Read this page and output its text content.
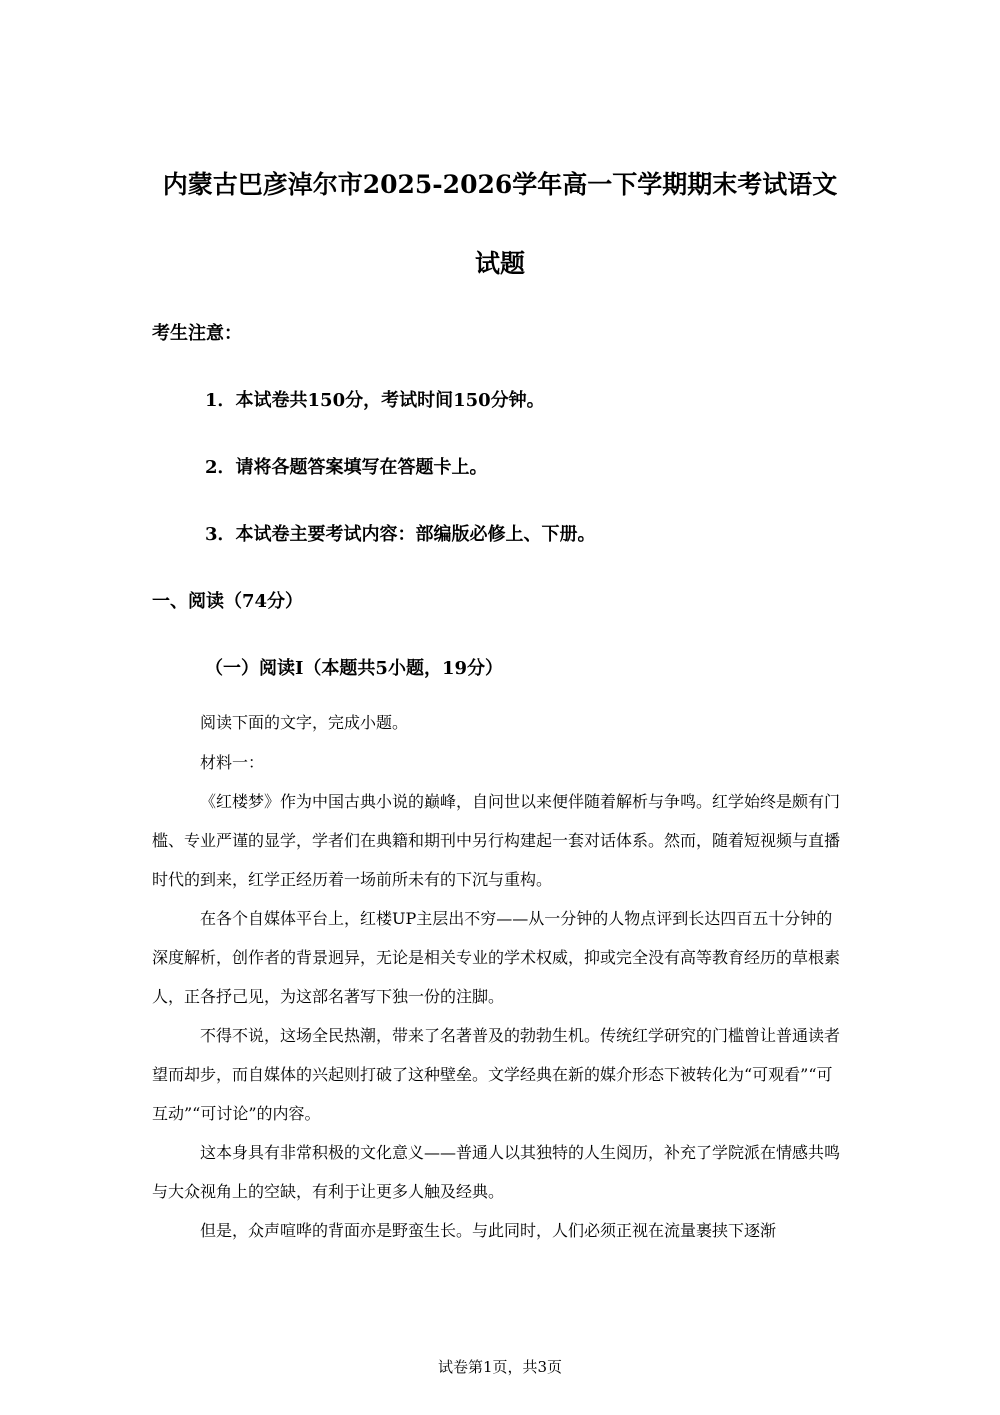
内蒙古巴彦淖尔市2025-2026学年高一下学期期末考试语文
试题
考生注意：
1．本试卷共150分，考试时间150分钟。
2．请将各题答案填写在答题卡上。
3．本试卷主要考试内容：部编版必修上、下册。
一、阅读（74分）
（一）阅读Ⅰ（本题共5小题，19分）
阅读下面的文字，完成小题。
材料一：
《红楼梦》作为中国古典小说的巅峰，自问世以来便伴随着解析与争鸣。红学始终是颇有门槛、专业严谨的显学，学者们在典籍和期刊中另行构建起一套对话体系。然而，随着短视频与直播时代的到来，红学正经历着一场前所未有的下沉与重构。
在各个自媒体平台上，红楼UP主层出不穷——从一分钟的人物点评到长达四百五十分钟的深度解析，创作者的背景迥异，无论是相关专业的学术权威，抑或完全没有高等教育经历的草根素人，正各抒己见，为这部名著写下独一份的注脚。
不得不说，这场全民热潮，带来了名著普及的勃勃生机。传统红学研究的门槛曾让普通读者望而却步，而自媒体的兴起则打破了这种壁垒。文学经典在新的媒介形态下被转化为“可观看”“可互动”“可讨论”的内容。
这本身具有非常积极的文化意义——普通人以其独特的人生阅历，补充了学院派在情感共鸣与大众视角上的空缺，有利于让更多人触及经典。
但是，众声喧哗的背面亦是野蛮生长。与此同时，人们必须正视在流量裹挟下逐渐
试卷第1页，共3页
